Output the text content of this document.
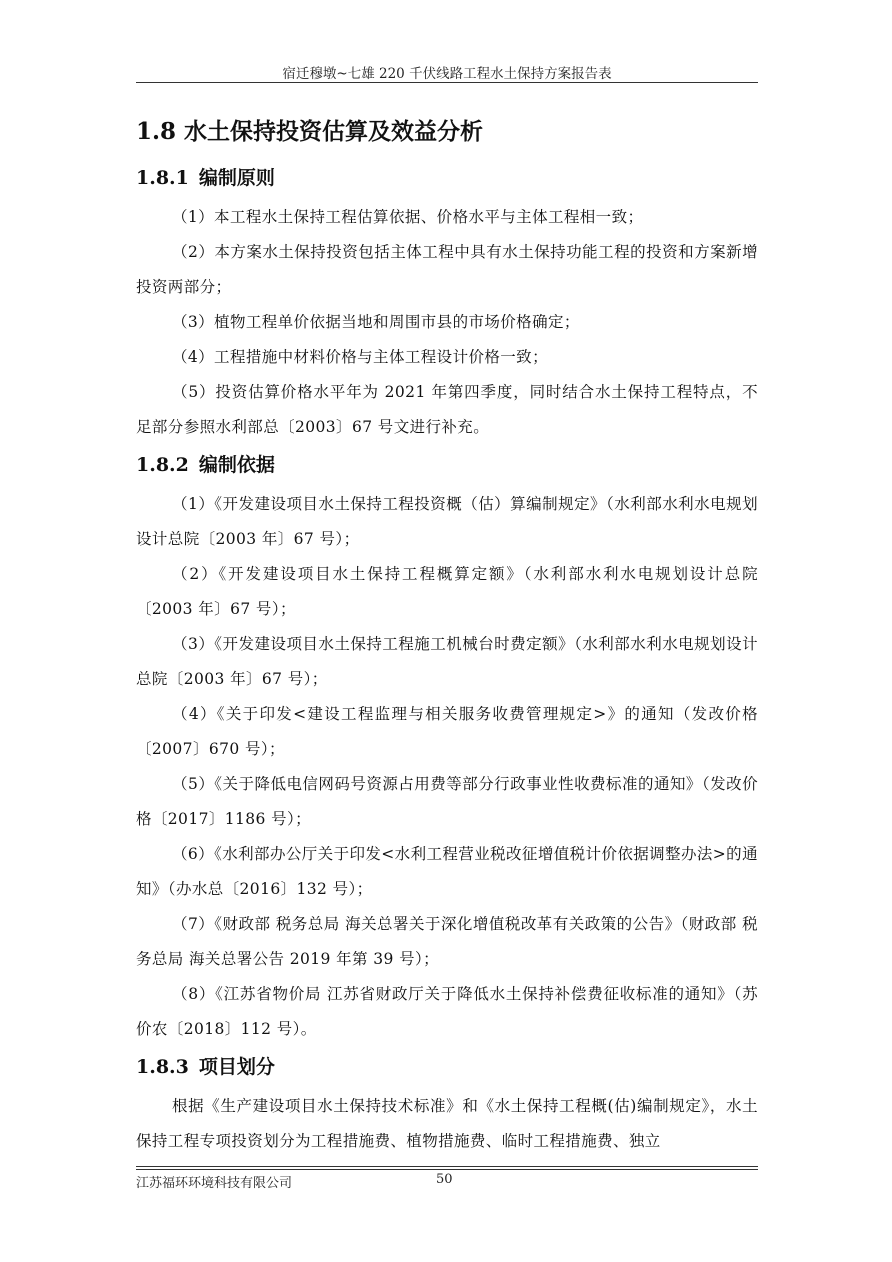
宿迁穆墩~七雄 220 千伏线路工程水土保持方案报告表
1.8 水土保持投资估算及效益分析
1.8.1 编制原则

（1）本工程水土保持工程估算依据、价格水平与主体工程相一致；

（2）本方案水土保持投资包括主体工程中具有水土保持功能工程的投资和方案新增投资两部分；

（3）植物工程单价依据当地和周围市县的市场价格确定；

（4）工程措施中材料价格与主体工程设计价格一致；

（5）投资估算价格水平年为 2021 年第四季度，同时结合水土保持工程特点，不足部分参照水利部总〔2003〕67 号文进行补充。

1.8.2 编制依据

（1）《开发建设项目水土保持工程投资概（估）算编制规定》（水利部水利水电规划设计总院〔2003 年〕67 号）；

（2）《开发建设项目水土保持工程概算定额》（水利部水利水电规划设计总院〔2003 年〕67 号）；

（3）《开发建设项目水土保持工程施工机械台时费定额》（水利部水利水电规划设计总院〔2003 年〕67 号）；

（4）《关于印发<建设工程监理与相关服务收费管理规定>》的通知（发改价格〔2007〕670 号）；

（5）《关于降低电信网码号资源占用费等部分行政事业性收费标准的通知》（发改价格〔2017〕1186 号）；

（6）《水利部办公厅关于印发<水利工程营业税改征增值税计价依据调整办法>的通知》（办水总〔2016〕132 号）；

（7）《财政部 税务总局 海关总署关于深化增值税改革有关政策的公告》（财政部 税务总局 海关总署公告 2019 年第 39 号）；

（8）《江苏省物价局 江苏省财政厅关于降低水土保持补偿费征收标准的通知》（苏价农〔2018〕112 号）。

1.8.3 项目划分

根据《生产建设项目水土保持技术标准》和《水土保持工程概(估)编制规定》，水土保持工程专项投资划分为工程措施费、植物措施费、临时工程措施费、独立

江苏福环环境科技有限公司	50
